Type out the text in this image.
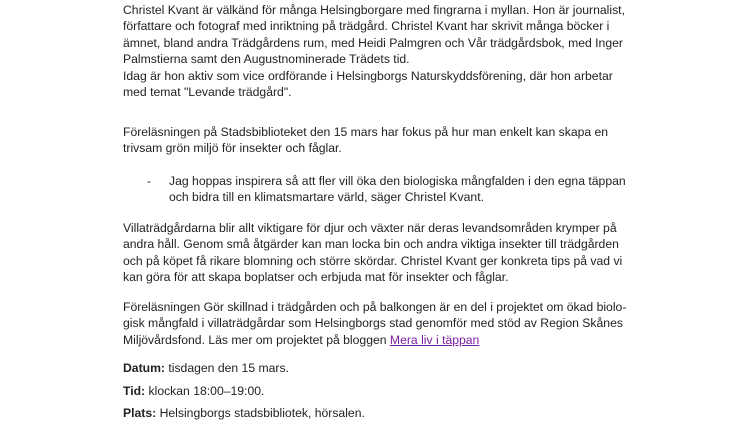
Christel Kvant är välkänd för många Helsingborgare med fingrarna i myllan. Hon är journalist,
författare och fotograf med inriktning på trädgård. Christel Kvant har skrivit många böcker i
ämnet, bland andra Trädgårdens rum, med Heidi Palmgren och Vår trädgårdsbok, med Inger
Palmstierna samt den Augustnominerade Trädets tid.
Idag är hon aktiv som vice ordförande i Helsingborgs Naturskyddsförening, där hon arbetar
med temat "Levande trädgård".

Föreläsningen på Stadsbiblioteket den 15 mars har fokus på hur man enkelt kan skapa en
trivsam grön miljö för insekter och fåglar.

-	Jag hoppas inspirera så att fler vill öka den biologiska mångfalden i den egna täppan
och bidra till en klimatsmartare värld, säger Christel Kvant.

Villaträdgårdarna blir allt viktigare för djur och växter när deras levandsområden krymper på
andra håll. Genom små åtgärder kan man locka bin och andra viktiga insekter till trädgården
och på köpet få rikare blomning och större skördar. Christel Kvant ger konkreta tips på vad vi
kan göra för att skapa boplatser och erbjuda mat för insekter och fåglar.

Föreläsningen Gör skillnad i trädgården och på balkongen är en del i projektet om ökad biolo-
gisk mångfald i villaträdgårdar som Helsingborgs stad genomför med stöd av Region Skånes
Miljövårdsfond. Läs mer om projektet på bloggen Mera liv i täppan

Datum: tisdagen den 15 mars.

Tid: klockan 18:00–19:00.

Plats: Helsingborgs stadsbibliotek, hörsalen.
